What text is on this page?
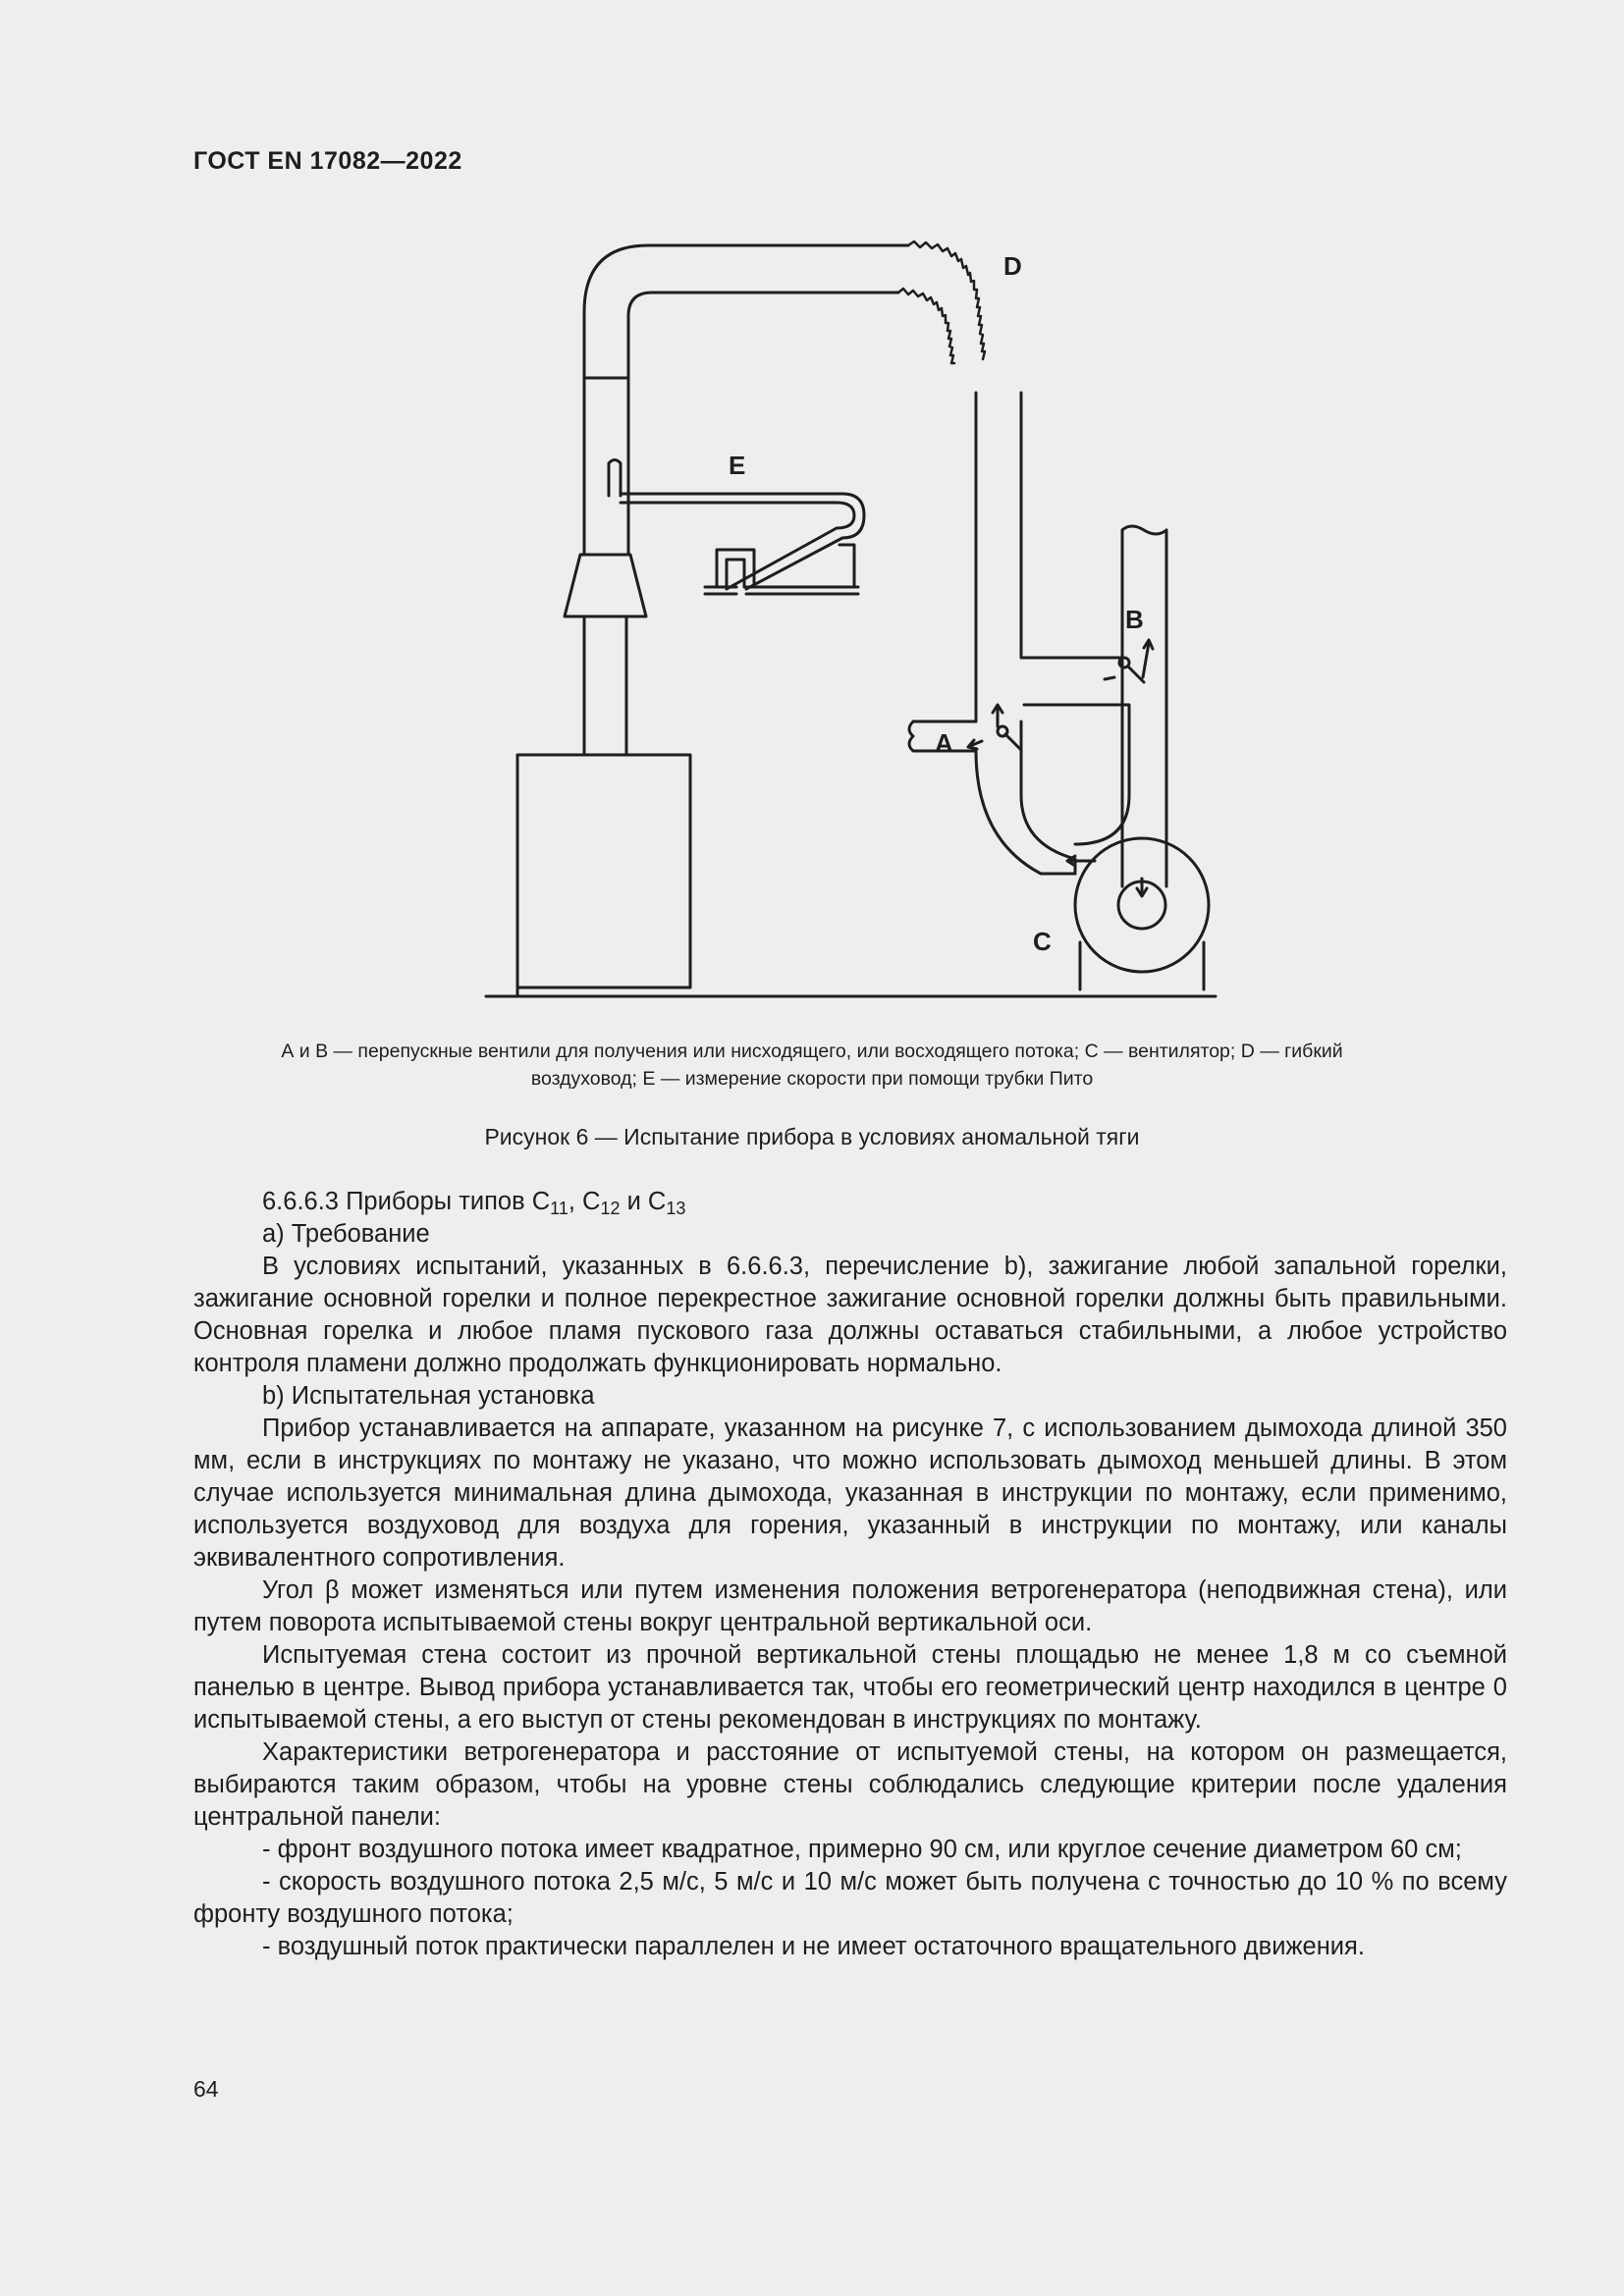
ГОСТ EN 17082—2022
D
E
B
A
C
А и В — перепускные вентили для получения или нисходящего, или восходящего потока; С — вентилятор; D — гибкий
воздуховод; Е — измерение скорости при помощи трубки Пито
Рисунок 6 — Испытание прибора в условиях аномальной тяги

6.6.6.3 Приборы типов $С_{11}$, $С_{12}$ и $С_{13}$

а) Требование

В условиях испытаний, указанных в 6.6.6.3, перечисление b), зажигание любой запальной горелки, зажигание основной горелки и полное перекрестное зажигание основной горелки должны быть правильными. Основная горелка и любое пламя пускового газа должны оставаться стабильными, а любое устройство контроля пламени должно продолжать функционировать нормально.

b) Испытательная установка

Прибор устанавливается на аппарате, указанном на рисунке 7, с использованием дымохода длиной 350 мм, если в инструкциях по монтажу не указано, что можно использовать дымоход меньшей длины. В этом случае используется минимальная длина дымохода, указанная в инструкции по монтажу, если применимо, используется воздуховод для воздуха для горения, указанный в инструкции по монтажу, или каналы эквивалентного сопротивления.

Угол β может изменяться или путем изменения положения ветрогенератора (неподвижная стена), или путем поворота испытываемой стены вокруг центральной вертикальной оси.

Испытуемая стена состоит из прочной вертикальной стены площадью не менее 1,8 м со съемной панелью в центре. Вывод прибора устанавливается так, чтобы его геометрический центр находился в центре 0 испытываемой стены, а его выступ от стены рекомендован в инструкциях по монтажу.

Характеристики ветрогенератора и расстояние от испытуемой стены, на котором он размещается, выбираются таким образом, чтобы на уровне стены соблюдались следующие критерии после удаления центральной панели:

- фронт воздушного потока имеет квадратное, примерно 90 см, или круглое сечение диаметром 60 см;

- скорость воздушного потока 2,5 м/с, 5 м/с и 10 м/с может быть получена с точностью до 10 % по всему фронту воздушного потока;

- воздушный поток практически параллелен и не имеет остаточного вращательного движения.

64
